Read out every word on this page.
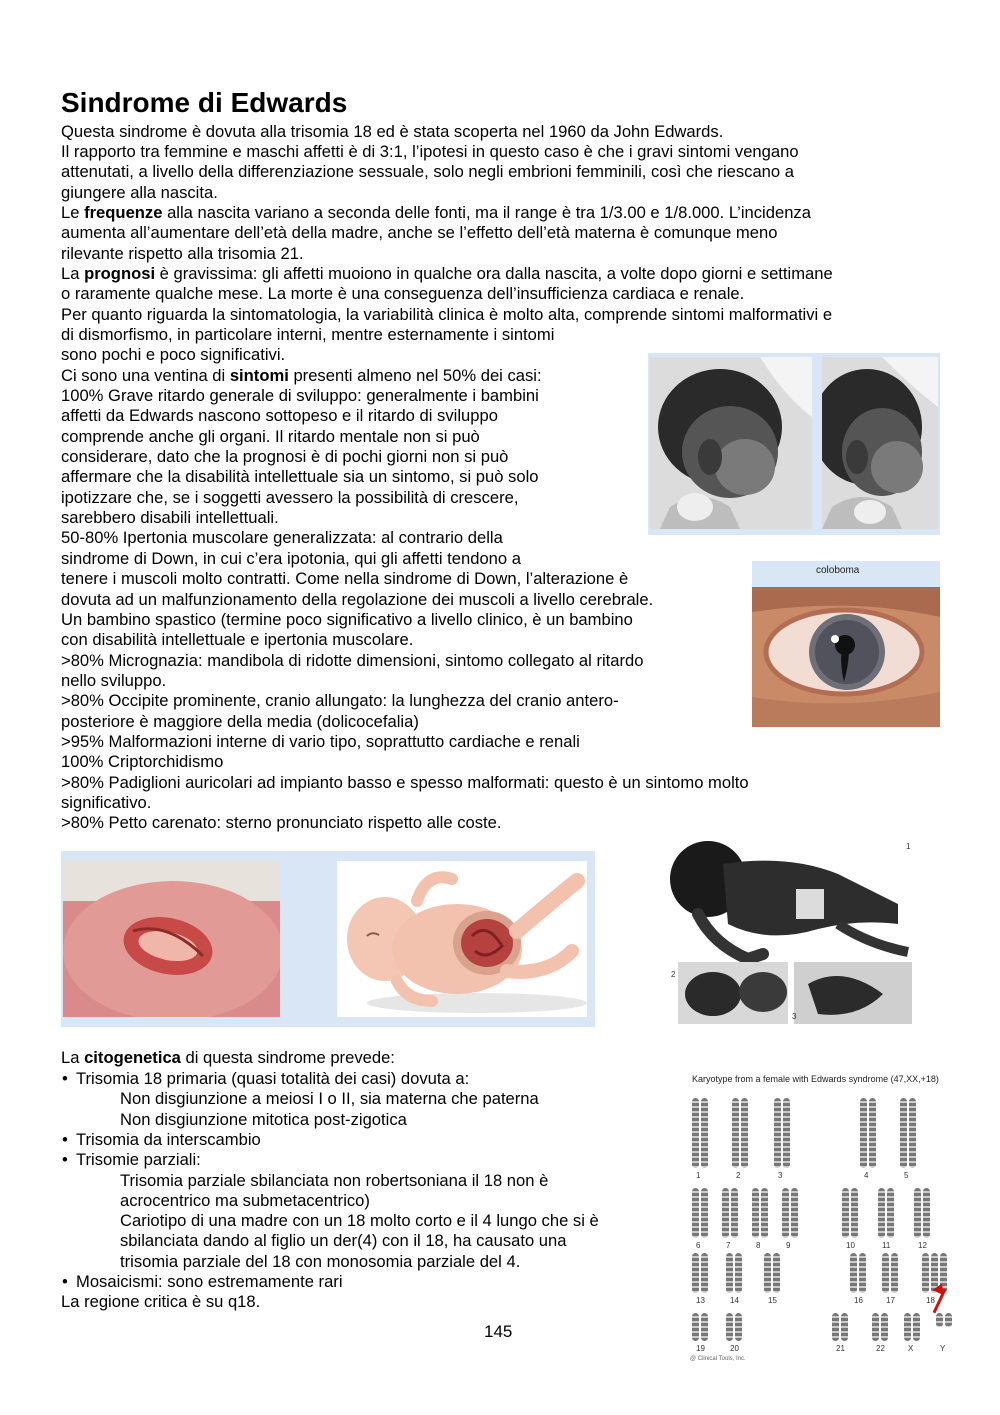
Sindrome di Edwards
Questa sindrome è dovuta alla trisomia 18 ed è stata scoperta nel 1960 da John Edwards.
Il rapporto tra femmine e maschi affetti è di 3:1, l’ipotesi in questo caso è che i gravi sintomi vengano
attenutati, a livello della differenziazione sessuale, solo negli embrioni femminili, così che riescano a
giungere alla nascita.
Le frequenze alla nascita variano a seconda delle fonti, ma il range è tra 1/3.00 e 1/8.000. L’incidenza
aumenta all’aumentare dell’età della madre, anche se l’effetto dell’età materna è comunque meno
rilevante rispetto alla trisomia 21.
La prognosi è gravissima: gli affetti muoiono in qualche ora dalla nascita, a volte dopo giorni e settimane
o raramente qualche mese. La morte è una conseguenza dell’insufficienza cardiaca e renale.
Per quanto riguarda la sintomatologia, la variabilità clinica è molto alta, comprende sintomi malformativi e
di dismorfismo, in particolare interni, mentre esternamente i sintomi
sono pochi e poco significativi.
Ci sono una ventina di sintomi presenti almeno nel 50% dei casi:
100% Grave ritardo generale di sviluppo: generalmente i bambini
affetti da Edwards nascono sottopeso e il ritardo di sviluppo
comprende anche gli organi. Il ritardo mentale non si può
considerare, dato che la prognosi è di pochi giorni non si può
affermare che la disabilità intellettuale sia un sintomo, si può solo
ipotizzare che, se i soggetti avessero la possibilità di crescere,
sarebbero disabili intellettuali.
50-80% Ipertonia muscolare generalizzata: al contrario della
sindrome di Down, in cui c’era ipotonia, qui gli affetti tendono a
tenere i muscoli molto contratti. Come nella sindrome di Down, l’alterazione è
dovuta ad un malfunzionamento della regolazione dei muscoli a livello cerebrale.
Un bambino spastico (termine poco significativo a livello clinico, è un bambino
con disabilità intellettuale e ipertonia muscolare.
>80% Micrognazia: mandibola di ridotte dimensioni, sintomo collegato al ritardo
nello sviluppo.
>80% Occipite prominente, cranio allungato: la lunghezza del cranio antero-
posteriore è maggiore della media (dolicocefalia)
>95% Malformazioni interne di vario tipo, soprattutto cardiache e renali
100% Criptorchidismo
>80% Padiglioni auricolari ad impianto basso e spesso malformati: questo è un sintomo molto
significativo.
>80% Petto carenato: sterno pronunciato rispetto alle coste.
coloboma
1
2
3
La citogenetica di questa sindrome prevede:
• Trisomia 18 primaria (quasi totalità dei casi) dovuta a:
Non disgiunzione a meiosi I o II, sia materna che paterna
Non disgiunzione mitotica post-zigotica
• Trisomia da interscambio
• Trisomie parziali:
Trisomia parziale sbilanciata non robertsoniana il 18 non è
acrocentrico ma submetacentrico)
Cariotipo di una madre con un 18 molto corto e il 4 lungo che si è
sbilanciata dando al figlio un der(4) con il 18, ha causato una
trisomia parziale del 18 con monosomia parziale del 4.
• Mosaicismi: sono estremamente rari
La regione critica è su q18.
Karyotype from a female with Edwards syndrome (47,XX,+18)
1	2	3	4	5
6	7	8	9	10	11	12
13	14	15	16	17	18
19	20	21	22	X	Y
@ Clinical Tools, Inc.
145
